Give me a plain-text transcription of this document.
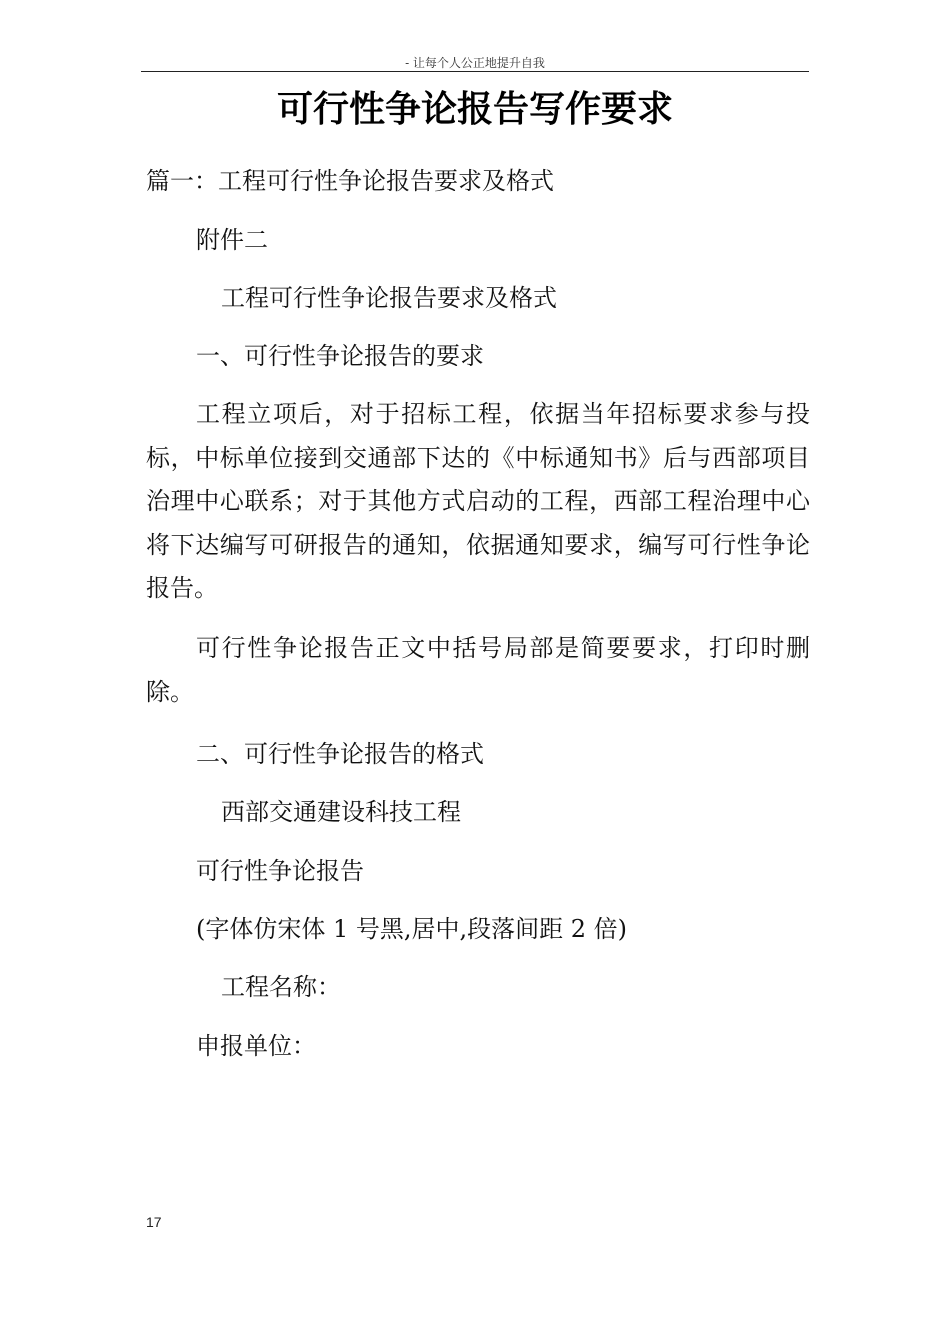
- 让每个人公正地提升自我
可行性争论报告写作要求
篇一：工程可行性争论报告要求及格式
附件二
工程可行性争论报告要求及格式
一、可行性争论报告的要求
工程立项后，对于招标工程，依据当年招标要求参与投标，中标单位接到交通部下达的《中标通知书》后与西部项目治理中心联系；对于其他方式启动的工程，西部工程治理中心将下达编写可研报告的通知，依据通知要求，编写可行性争论报告。
可行性争论报告正文中括号局部是简要要求，打印时删除。
二、可行性争论报告的格式
西部交通建设科技工程
可行性争论报告
(字体仿宋体 1 号黑,居中,段落间距 2 倍)
工程名称：
申报单位：
17
